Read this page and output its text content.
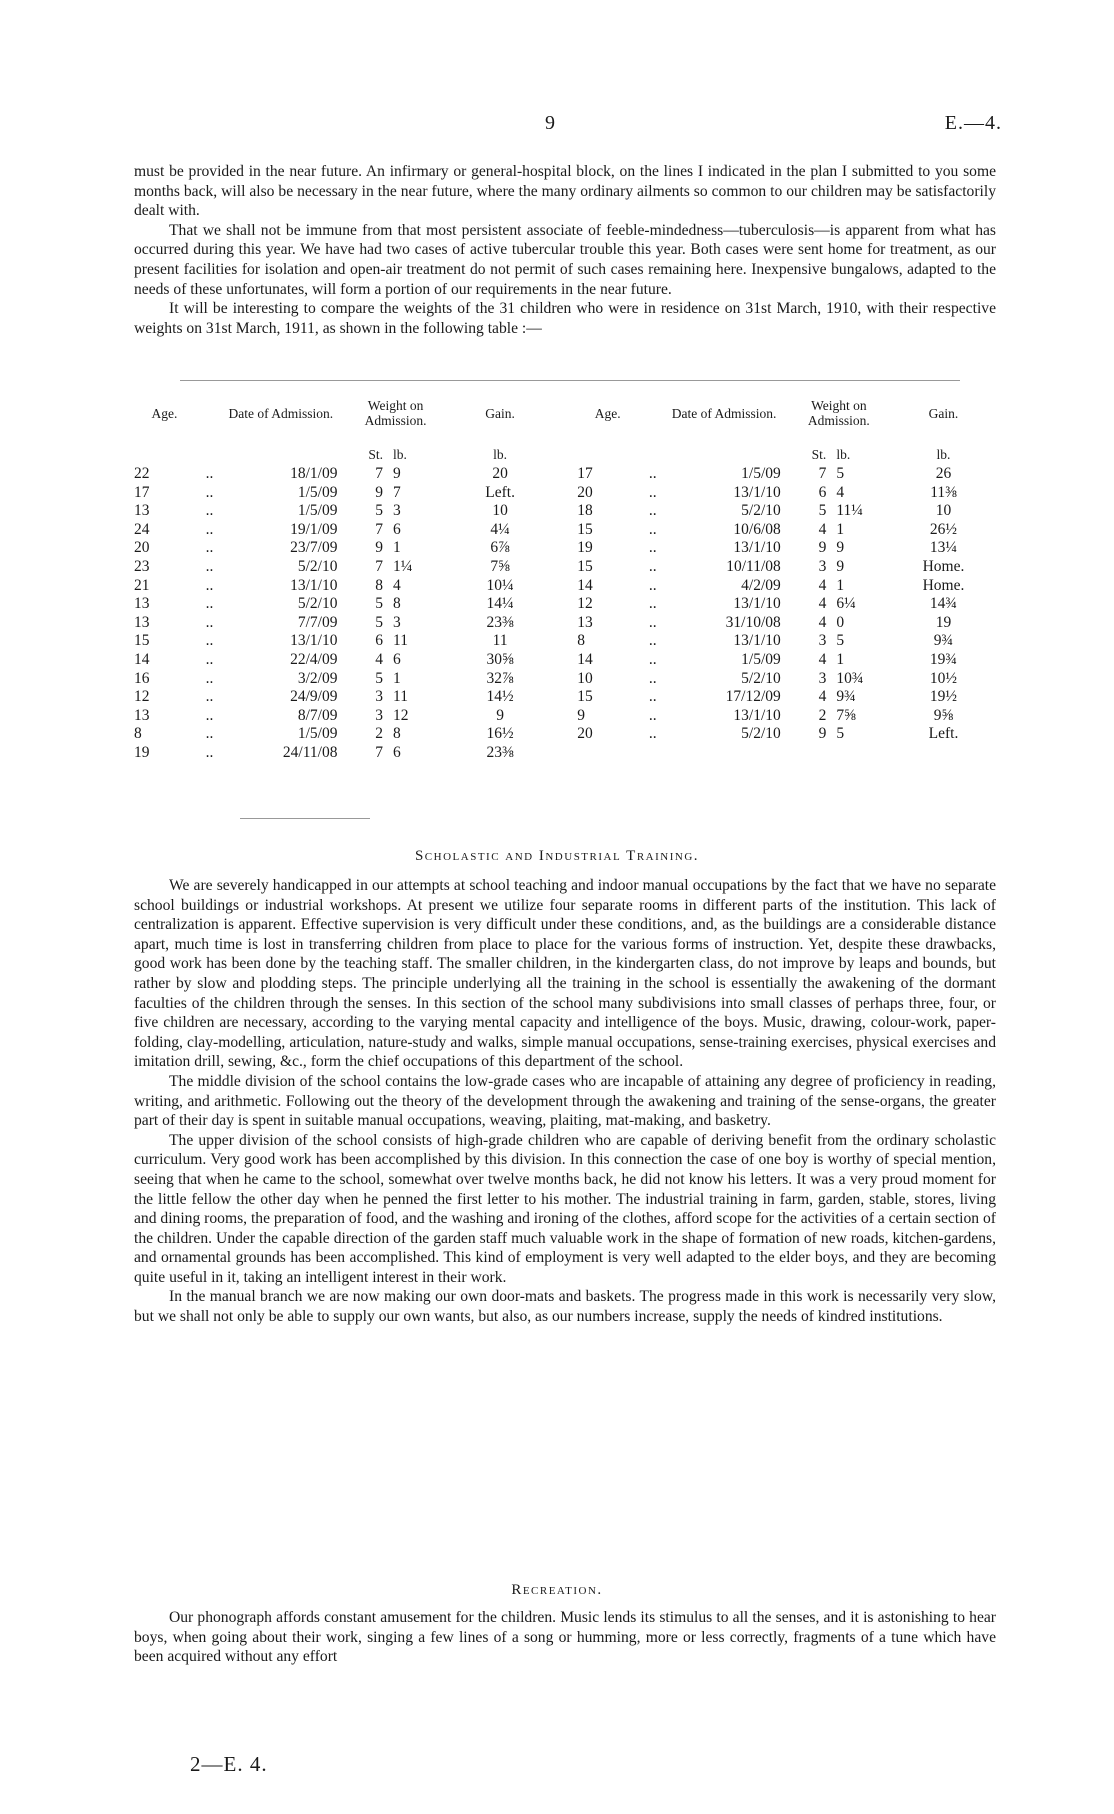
9	E.—4.

must be provided in the near future. An infirmary or general-hospital block, on the lines I indicated in the plan I submitted to you some months back, will also be necessary in the near future, where the many ordinary ailments so common to our children may be satisfactorily dealt with.

That we shall not be immune from that most persistent associate of feeble-mindedness—tuberculosis—is apparent from what has occurred during this year. We have had two cases of active tubercular trouble this year. Both cases were sent home for treatment, as our present facilities for isolation and open-air treatment do not permit of such cases remaining here. Inexpensive bungalows, adapted to the needs of these unfortunates, will form a portion of our requirements in the near future.

It will be interesting to compare the weights of the 31 children who were in residence on 31st March, 1910, with their respective weights on 31st March, 1911, as shown in the following table :—

Age.		Date of Admission.	Weight on Admission.		Gain.		Age.		Date of Admission.	Weight on Admission.		Gain.
			St.	lb.	lb.					St.	lb.	lb.
22	..	18/1/09	7	9	20		17	..	1/5/09	7	5	26
17	..	1/5/09	9	7	Left.		20	..	13/1/10	6	4	11⅜
13	..	1/5/09	5	3	10		18	..	5/2/10	5	11¼	10
24	..	19/1/09	7	6	4¼		15	..	10/6/08	4	1	26½
20	..	23/7/09	9	1	6⅞		19	..	13/1/10	9	9	13¼
23	..	5/2/10	7	1¼	7⅝		15	..	10/11/08	3	9	Home.
21	..	13/1/10	8	4	10¼		14	..	4/2/09	4	1	Home.
13	..	5/2/10	5	8	14¼		12	..	13/1/10	4	6¼	14¾
13	..	7/7/09	5	3	23⅜		13	..	31/10/08	4	0	19
15	..	13/1/10	6	11	11		8	..	13/1/10	3	5	9¾
14	..	22/4/09	4	6	30⅝		14	..	1/5/09	4	1	19¾
16	..	3/2/09	5	1	32⅞		10	..	5/2/10	3	10¾	10½
12	..	24/9/09	3	11	14½		15	..	17/12/09	4	9¾	19½
13	..	8/7/09	3	12	9		9	..	13/1/10	2	7⅝	9⅝
8	..	1/5/09	2	8	16½		20	..	5/2/10	9	5	Left.
19	..	24/11/08	7	6	23⅜							
Scholastic and Industrial Training.

We are severely handicapped in our attempts at school teaching and indoor manual occupations by the fact that we have no separate school buildings or industrial workshops. At present we utilize four separate rooms in different parts of the institution. This lack of centralization is apparent. Effective supervision is very difficult under these conditions, and, as the buildings are a considerable distance apart, much time is lost in transferring children from place to place for the various forms of instruction. Yet, despite these drawbacks, good work has been done by the teaching staff. The smaller children, in the kindergarten class, do not improve by leaps and bounds, but rather by slow and plodding steps. The principle underlying all the training in the school is essentially the awakening of the dormant faculties of the children through the senses. In this section of the school many subdivisions into small classes of perhaps three, four, or five children are necessary, according to the varying mental capacity and intelligence of the boys. Music, drawing, colour-work, paper-folding, clay-modelling, articulation, nature-study and walks, simple manual occupations, sense-training exercises, physical exercises and imitation drill, sewing, &c., form the chief occupations of this department of the school.

The middle division of the school contains the low-grade cases who are incapable of attaining any degree of proficiency in reading, writing, and arithmetic. Following out the theory of the development through the awakening and training of the sense-organs, the greater part of their day is spent in suitable manual occupations, weaving, plaiting, mat-making, and basketry.

The upper division of the school consists of high-grade children who are capable of deriving benefit from the ordinary scholastic curriculum. Very good work has been accomplished by this division. In this connection the case of one boy is worthy of special mention, seeing that when he came to the school, somewhat over twelve months back, he did not know his letters. It was a very proud moment for the little fellow the other day when he penned the first letter to his mother. The industrial training in farm, garden, stable, stores, living and dining rooms, the preparation of food, and the washing and ironing of the clothes, afford scope for the activities of a certain section of the children. Under the capable direction of the garden staff much valuable work in the shape of formation of new roads, kitchen-gardens, and ornamental grounds has been accomplished. This kind of employment is very well adapted to the elder boys, and they are becoming quite useful in it, taking an intelligent interest in their work.

In the manual branch we are now making our own door-mats and baskets. The progress made in this work is necessarily very slow, but we shall not only be able to supply our own wants, but also, as our numbers increase, supply the needs of kindred institutions.

Recreation.

Our phonograph affords constant amusement for the children. Music lends its stimulus to all the senses, and it is astonishing to hear boys, when going about their work, singing a few lines of a song or humming, more or less correctly, fragments of a tune which have been acquired without any effort

2—E. 4.
